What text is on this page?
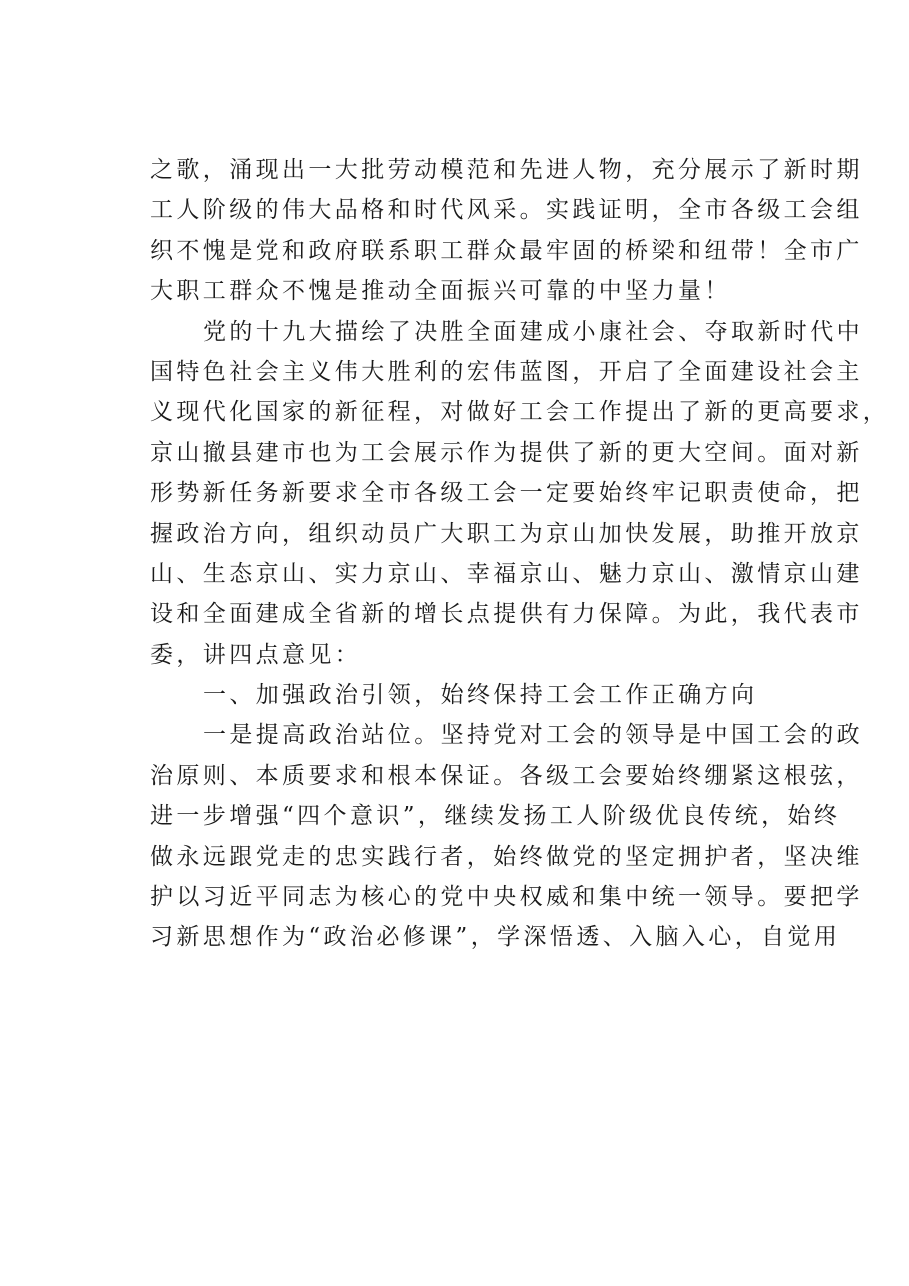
之歌，涌现出一大批劳动模范和先进人物，充分展示了新时期
工人阶级的伟大品格和时代风采。实践证明，全市各级工会组
织不愧是党和政府联系职工群众最牢固的桥梁和纽带！全市广
大职工群众不愧是推动全面振兴可靠的中坚力量！
党的十九大描绘了决胜全面建成小康社会、夺取新时代中
国特色社会主义伟大胜利的宏伟蓝图，开启了全面建设社会主
义现代化国家的新征程，对做好工会工作提出了新的更高要求，
京山撤县建市也为工会展示作为提供了新的更大空间。面对新
形势新任务新要求全市各级工会一定要始终牢记职责使命，把
握政治方向，组织动员广大职工为京山加快发展，助推开放京
山、生态京山、实力京山、幸福京山、魅力京山、激情京山建
设和全面建成全省新的增长点提供有力保障。为此，我代表市
委，讲四点意见：
一、加强政治引领，始终保持工会工作正确方向
一是提高政治站位。坚持党对工会的领导是中国工会的政
治原则、本质要求和根本保证。各级工会要始终绷紧这根弦，
进一步增强“四个意识”，继续发扬工人阶级优良传统，始终
做永远跟党走的忠实践行者，始终做党的坚定拥护者，坚决维
护以习近平同志为核心的党中央权威和集中统一领导。要把学
习新思想作为“政治必修课”，学深悟透、入脑入心，自觉用
